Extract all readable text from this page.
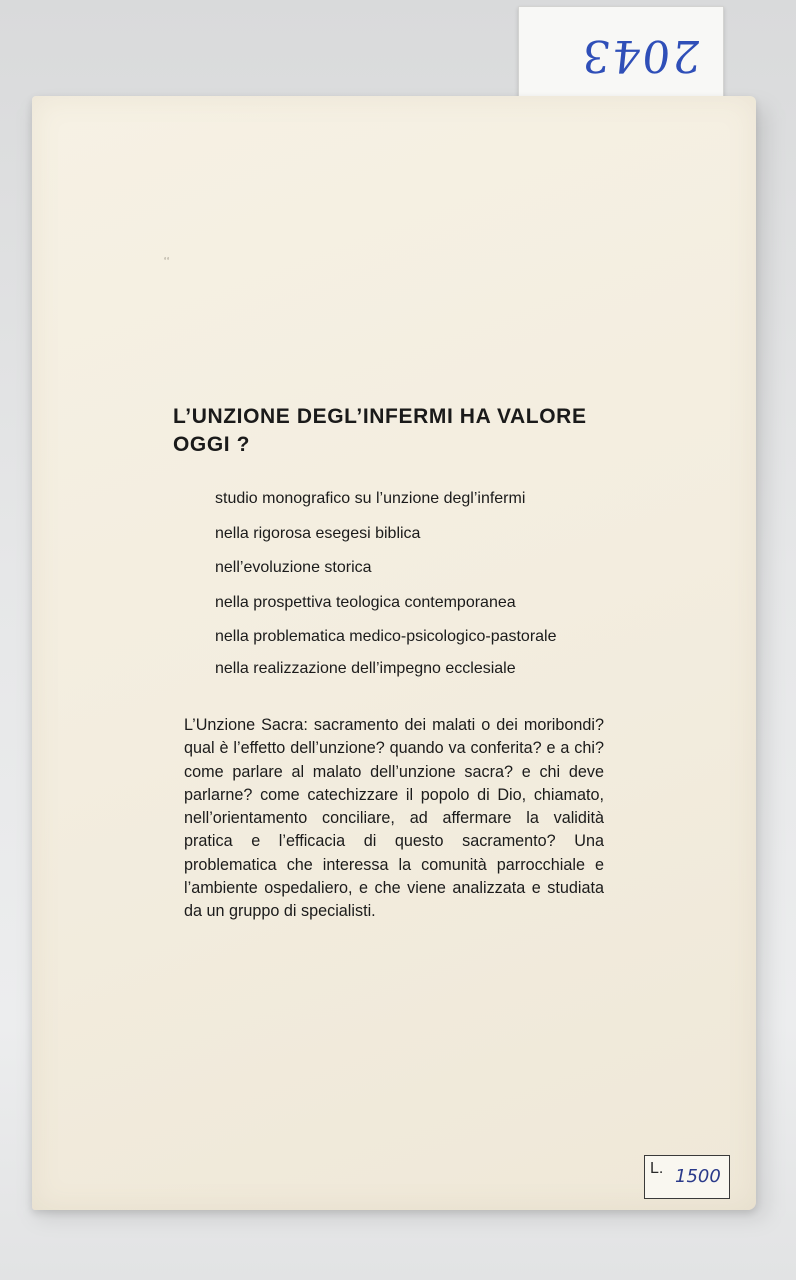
2043
‘‘
L’UNZIONE DEGL’INFERMI HA VALORE OGGI ?
studio monografico su l’unzione degl’infermi
nella rigorosa esegesi biblica
nell’evoluzione storica
nella prospettiva teologica contemporanea
nella problematica medico-psicologico-pastorale
nella realizzazione dell’impegno ecclesiale

L’Unzione Sacra: sacramento dei malati o dei moribondi? qual è l’effetto dell’unzione? quando va conferita? e a chi? come parlare al malato dell’unzione sacra? e chi deve parlarne? come catechizzare il popolo di Dio, chiamato, nell’orientamento conciliare, ad affermare la validità pratica e l’efficacia di questo sacramento? Una problematica che interessa la comunità parrocchiale e l’ambiente ospedaliero, e che viene analizzata e studiata da un gruppo di specialisti.

L. 1500
